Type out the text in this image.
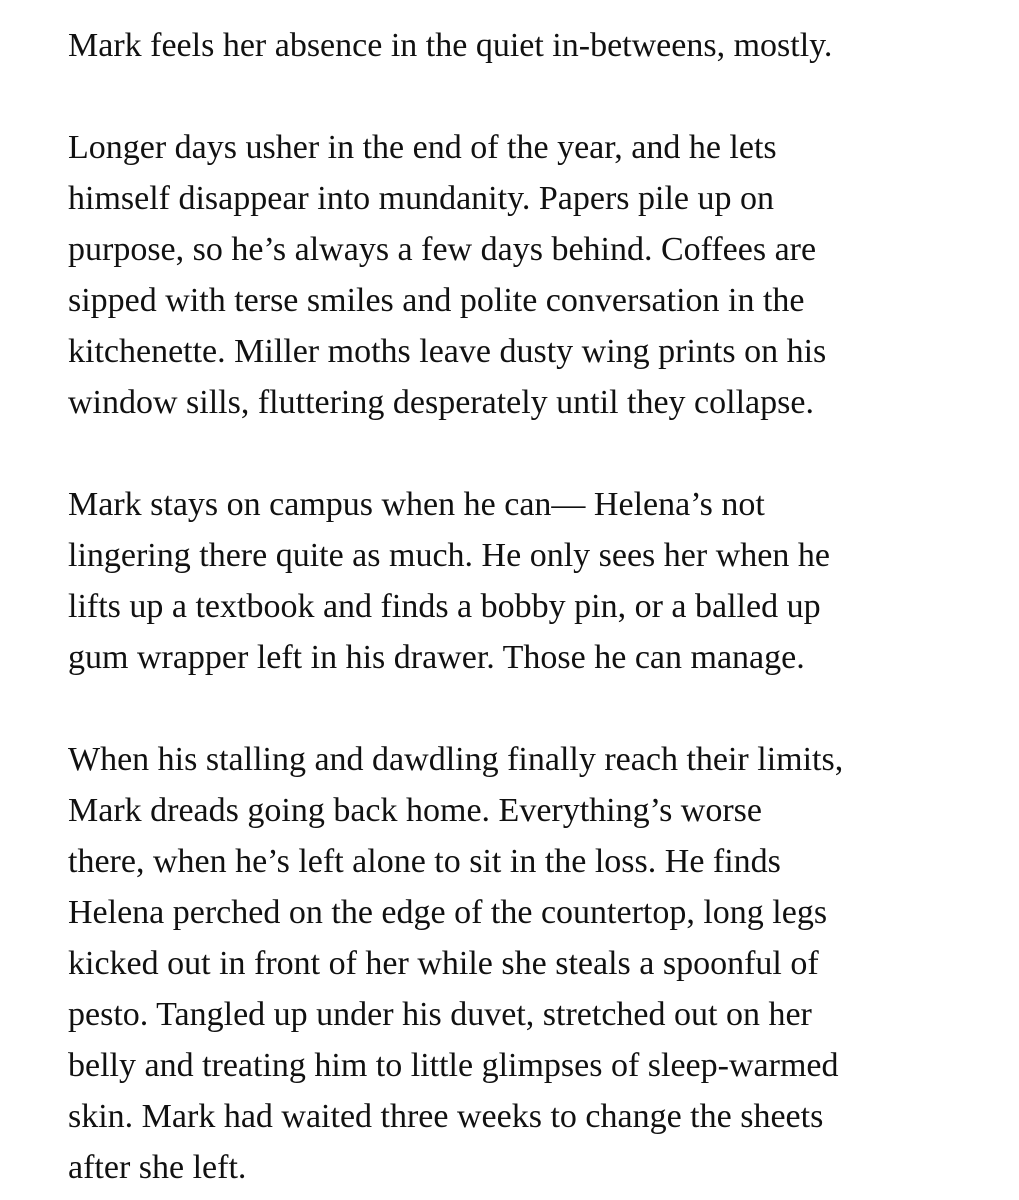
Mark feels her absence in the quiet in-betweens, mostly.

Longer days usher in the end of the year, and he lets
himself disappear into mundanity. Papers pile up on
purpose, so he’s always a few days behind. Coffees are
sipped with terse smiles and polite conversation in the
kitchenette. Miller moths leave dusty wing prints on his
window sills, fluttering desperately until they collapse.

Mark stays on campus when he can— Helena’s not
lingering there quite as much. He only sees her when he
lifts up a textbook and finds a bobby pin, or a balled up
gum wrapper left in his drawer. Those he can manage.

When his stalling and dawdling finally reach their limits,
Mark dreads going back home. Everything’s worse
there, when he’s left alone to sit in the loss. He finds
Helena perched on the edge of the countertop, long legs
kicked out in front of her while she steals a spoonful of
pesto. Tangled up under his duvet, stretched out on her
belly and treating him to little glimpses of sleep-warmed
skin. Mark had waited three weeks to change the sheets
after she left.
